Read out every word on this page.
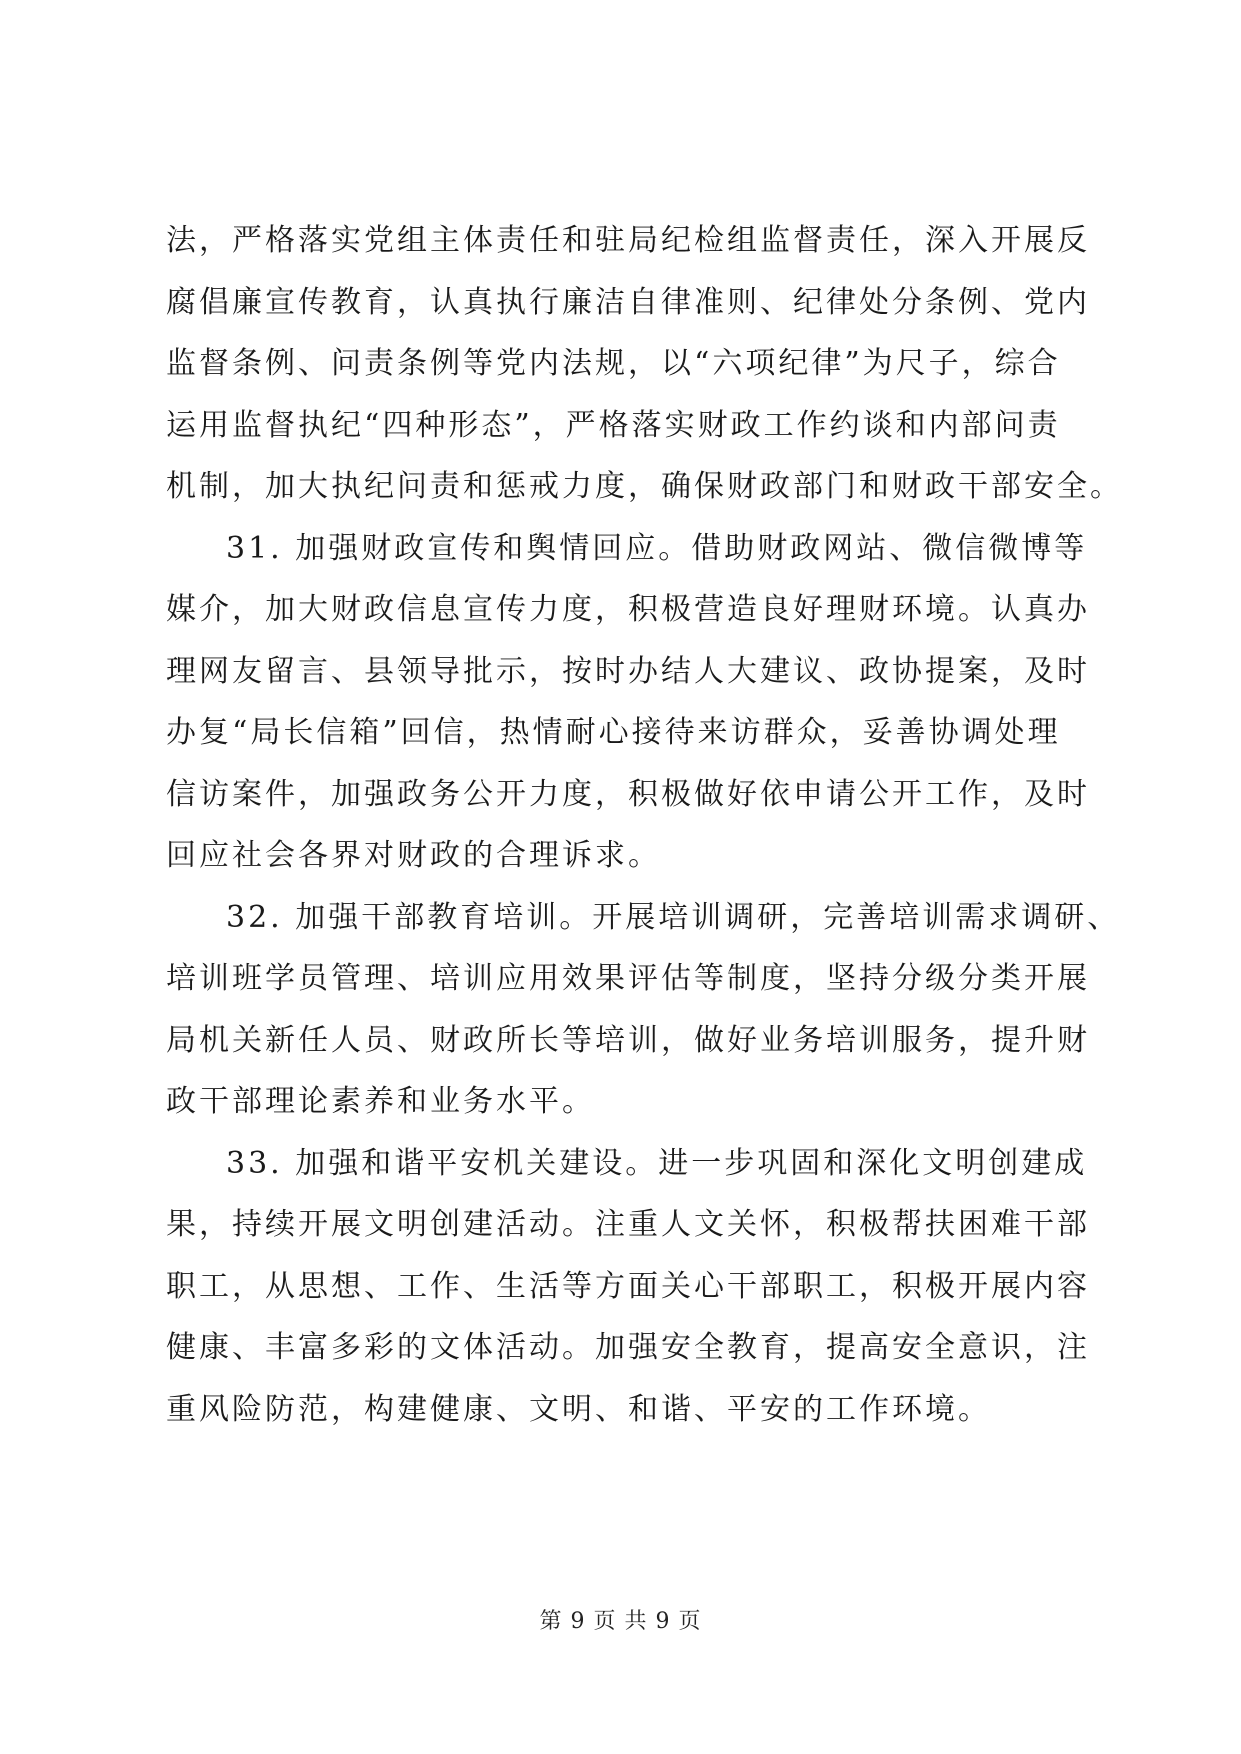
法，严格落实党组主体责任和驻局纪检组监督责任，深入开展反
腐倡廉宣传教育，认真执行廉洁自律准则、纪律处分条例、党内
监督条例、问责条例等党内法规，以“六项纪律”为尺子，综合
运用监督执纪“四种形态”，严格落实财政工作约谈和内部问责
机制，加大执纪问责和惩戒力度，确保财政部门和财政干部安全。
31. 加强财政宣传和舆情回应。借助财政网站、微信微博等
媒介，加大财政信息宣传力度，积极营造良好理财环境。认真办
理网友留言、县领导批示，按时办结人大建议、政协提案，及时
办复“局长信箱”回信，热情耐心接待来访群众，妥善协调处理
信访案件，加强政务公开力度，积极做好依申请公开工作，及时
回应社会各界对财政的合理诉求。
32. 加强干部教育培训。开展培训调研，完善培训需求调研、
培训班学员管理、培训应用效果评估等制度，坚持分级分类开展
局机关新任人员、财政所长等培训，做好业务培训服务，提升财
政干部理论素养和业务水平。
33. 加强和谐平安机关建设。进一步巩固和深化文明创建成
果，持续开展文明创建活动。注重人文关怀，积极帮扶困难干部
职工，从思想、工作、生活等方面关心干部职工，积极开展内容
健康、丰富多彩的文体活动。加强安全教育，提高安全意识，注
重风险防范，构建健康、文明、和谐、平安的工作环境。
第 9 页 共 9 页
